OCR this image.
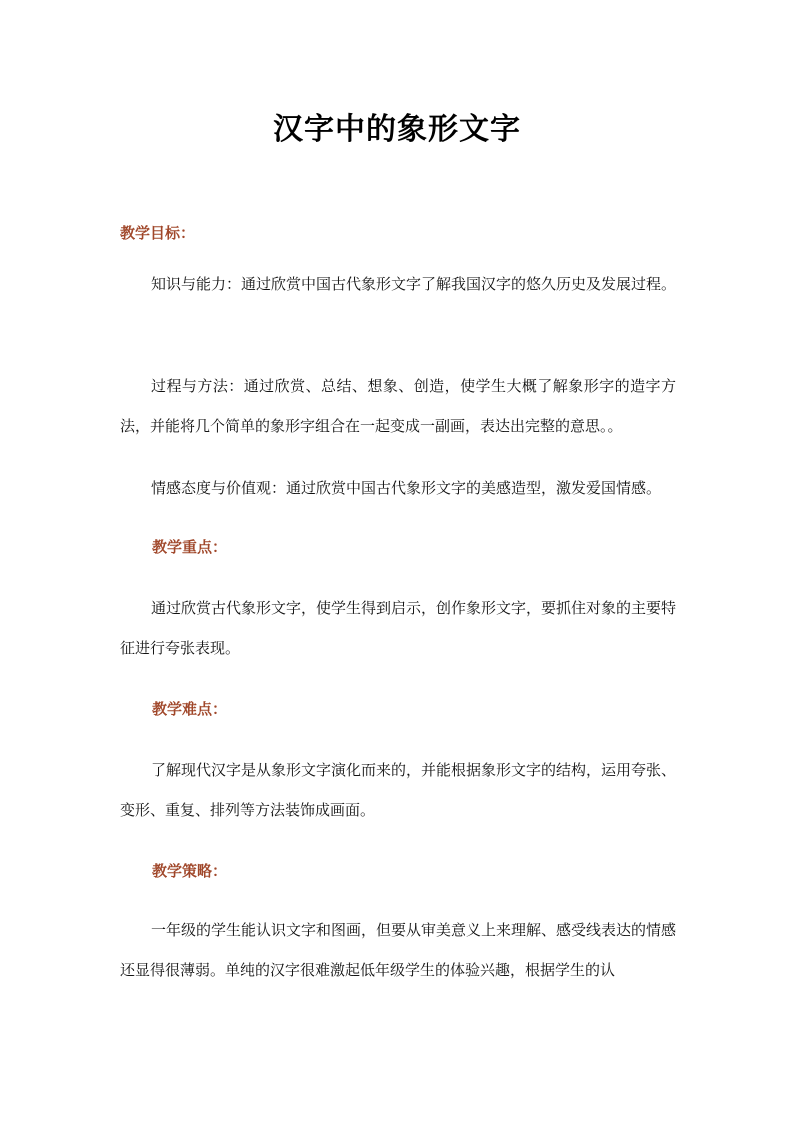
汉字中的象形文字
教学目标：

知识与能力：通过欣赏中国古代象形文字了解我国汉字的悠久历史及发展过程。

过程与方法：通过欣赏、总结、想象、创造，使学生大概了解象形字的造字方法，并能将几个简单的象形字组合在一起变成一副画，表达出完整的意思。。

情感态度与价值观：通过欣赏中国古代象形文字的美感造型，激发爱国情感。

教学重点：

通过欣赏古代象形文字，使学生得到启示，创作象形文字，要抓住对象的主要特征进行夸张表现。

教学难点：

了解现代汉字是从象形文字演化而来的，并能根据象形文字的结构，运用夸张、变形、重复、排列等方法装饰成画面。

教学策略：

一年级的学生能认识文字和图画，但要从审美意义上来理解、感受线表达的情感还显得很薄弱。单纯的汉字很难激起低年级学生的体验兴趣，根据学生的认
